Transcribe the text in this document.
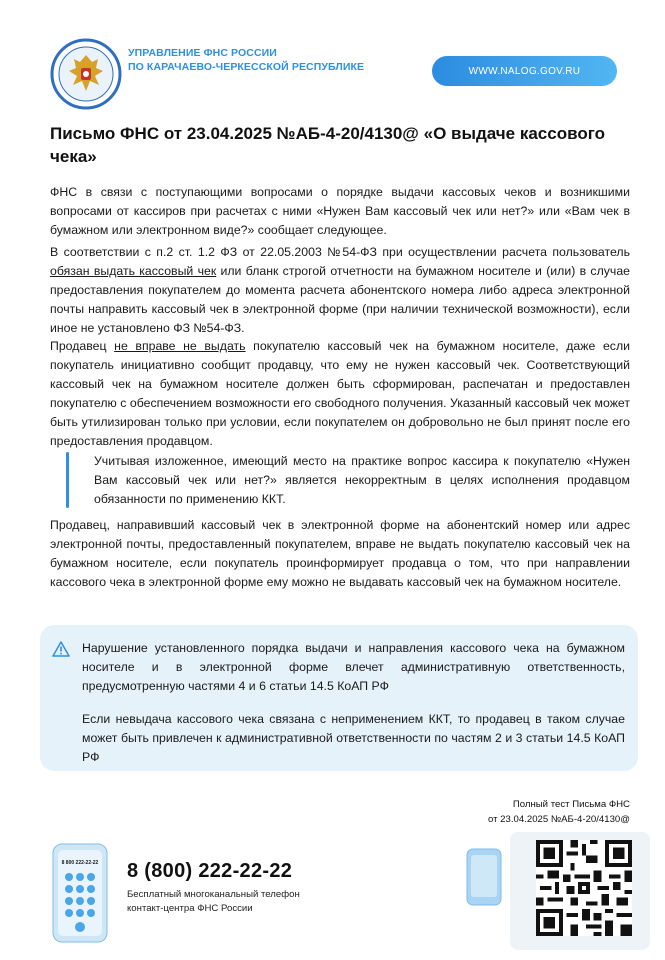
УПРАВЛЕНИЕ ФНС РОССИИ
ПО КАРАЧАЕВО-ЧЕРКЕССКОЙ РЕСПУБЛИКЕ	WWW.NALOG.GOV.RU
Письмо ФНС от 23.04.2025 №АБ-4-20/4130@ «О выдаче кассового чека»
ФНС в связи с поступающими вопросами о порядке выдачи кассовых чеков и возникшими вопросами от кассиров при расчетах с ними «Нужен Вам кассовый чек или нет?» или «Вам чек в бумажном или электронном виде?» сообщает следующее.
В соответствии с п.2 ст. 1.2 ФЗ от 22.05.2003 №54-ФЗ при осуществлении расчета пользователь обязан выдать кассовый чек или бланк строгой отчетности на бумажном носителе и (или) в случае предоставления покупателем до момента расчета абонентского номера либо адреса электронной почты направить кассовый чек в электронной форме (при наличии технической возможности), если иное не установлено ФЗ №54-ФЗ.
Продавец не вправе не выдать покупателю кассовый чек на бумажном носителе, даже если покупатель инициативно сообщит продавцу, что ему не нужен кассовый чек. Соответствующий кассовый чек на бумажном носителе должен быть сформирован, распечатан и предоставлен покупателю с обеспечением возможности его свободного получения. Указанный кассовый чек может быть утилизирован только при условии, если покупателем он добровольно не был принят после его предоставления продавцом.
Учитывая изложенное, имеющий место на практике вопрос кассира к покупателю «Нужен Вам кассовый чек или нет?» является некорректным в целях исполнения продавцом обязанности по применению ККТ.
Продавец, направивший кассовый чек в электронной форме на абонентский номер или адрес электронной почты, предоставленный покупателем, вправе не выдать покупателю кассовый чек на бумажном носителе, если покупатель проинформирует продавца о том, что при направлении кассового чека в электронной форме ему можно не выдавать кассовый чек на бумажном носителе.
Нарушение установленного порядка выдачи и направления кассового чека на бумажном носителе и в электронной форме влечет административную ответственность, предусмотренную частями 4 и 6 статьи 14.5 КоАП РФ
Если невыдача кассового чека связана с неприменением ККТ, то продавец в таком случае может быть привлечен к административной ответственности по частям 2 и 3 статьи 14.5 КоАП РФ
Полный тест Письма ФНС
от 23.04.2025 №АБ-4-20/4130@
8 800 222-22-22 8 (800) 222-22-22
Бесплатный многоканальный телефон
контакт-центра ФНС России
